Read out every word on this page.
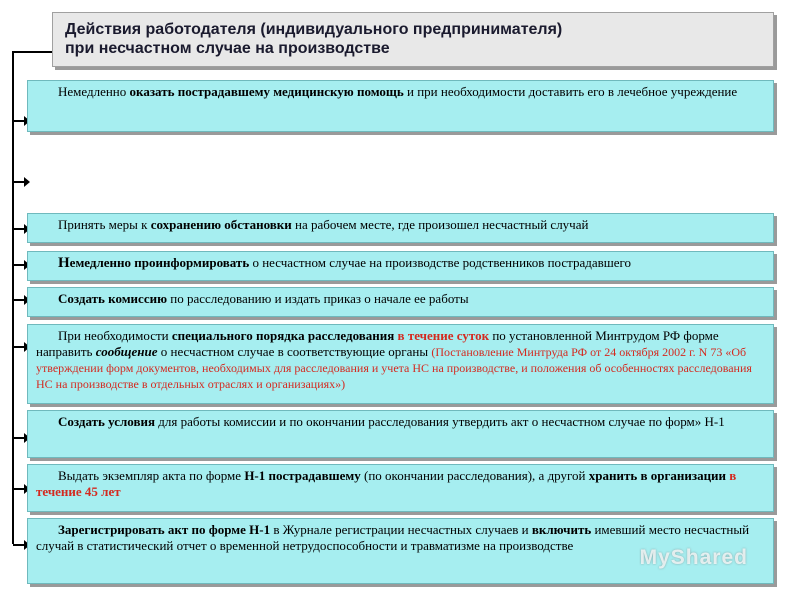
Действия работодателя (индивидуального предпринимателя)
при несчастном случае на производстве
Немедленно оказать пострадавшему медицинскую помощь и при необходимости доставить его в лечебное учреждение
Принять меры к сохранению обстановки на рабочем месте, где произошел несчастный случай
Немедленно проинформировать о несчастном случае на производстве родственников пострадавшего
Создать комиссию по расследованию и издать приказ о начале ее работы
При необходимости специального порядка расследования в течение суток по установленной Минтрудом РФ форме направить сообщение о несчастном случае в соответствующие органы (Постановление Минтруда РФ от 24 октября 2002 г. N 73 «Об утверждении форм документов, необходимых для расследования и учета НС на производстве, и положения об особенностях расследования НС на производстве в отдельных отраслях и организациях»)
Создать условия для работы комиссии и по окончании расследования утвердить акт о несчастном случае по форм» Н-1
Выдать экземпляр акта по форме Н-1 пострадавшему (по окончании расследования), а другой хранить в организации в течение 45 лет
Зарегистрировать акт по форме Н-1 в Журнале регистрации несчастных случаев и включить имевший место несчастный случай в статистический отчет о временной нетрудоспособности и травматизме на производстве
MyShared
